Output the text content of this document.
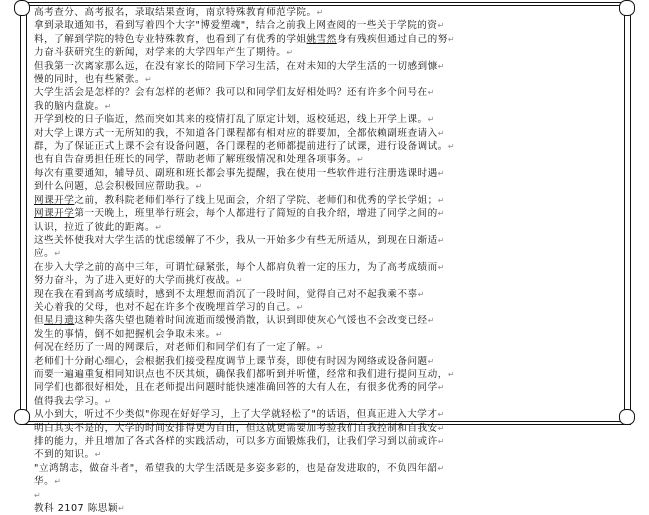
高考查分、高考报名，录取结果查询，南京特殊教育师范学院。↵
拿到录取通知书，看到写着四个大字"博爱塑魂"，结合之前我上网查阅的一些关于学院的资↵
料，了解到学院的特色专业特殊教育，也看到了有优秀的学姐姚雪然身有残疾但通过自己的努↵
力奋斗获研究生的新闻，对学来的大学四年产生了期待。↵
但我第一次离家那么远，在没有家长的陪同下学习生活，在对未知的大学生活的一切感到慷↵
慢的同时，也有些紧张。↵
大学生活会是怎样的？会有怎样的老师？我可以和同学们友好相处吗？还有许多个问号在↵
我的脑内盘旋。↵
开学到校的日子临近，然而突如其来的疫情打乱了原定计划，返校延迟，线上开学上课。↵
对大学上课方式一无所知的我，不知道各门课程都有相对应的群要加，全都依赖副班查请入↵
群，为了保证正式上课不会有设备问题，各门课程的老师都提前进行了试课，进行设备调试。↵
也有自告奋勇担任班长的同学，帮助老师了解班级情况和处理各项事务。↵
每次有重要通知，辅导员、副班和班长都会事先提醒，我在使用一些软件进行注册选课时遇↵
到什么问题，总会积极回应帮助我。↵
网课开学之前，教科院老师们举行了线上见面会，介绍了学院、老师们和优秀的学长学姐；↵
网课开学第一天晚上，班里举行班会，每个人都进行了简短的自我介绍，增进了同学之间的↵
认识，拉近了彼此的距离。↵
这些关怀使我对大学生活的忧虑缓解了不少，我从一开始多少有些无所适从，到现在日渐适↵
应。↵
在步入大学之前的高中三年，可谓忙碌紧张，每个人都肩负着一定的压力，为了高考成绩而↵
努力奋斗，为了进入更好的大学而挑灯夜战。↵
现在我在看到高考成绩时，感到不太理想而消沉了一段时间，觉得自己对不起我乘不辜↵
关心着我的父母，也对不起在许多个夜晚埋首学习的自己。↵
但星月遗这种失落失望也随着时间流逝而缓慢消散，认识到即使灰心气馁也不会改变已经↵
发生的事情，倒不如把握机会争取未来。↵
何况在经历了一周的网课后，对老师们和同学们有了一定了解。↵
老师们十分耐心细心，会根据我们接受程度调节上课节奏，即使有时因为网络或设备问题↵
而要一遍遍重复相同知识点也不厌其烦，确保我们都听到并听懂，经常和我们进行提问互动，↵
同学们也都很好相处，且在老师提出问题时能快速准确回答的大有人在，有很多优秀的同学↵
值得我去学习。↵
从小到大，听过不少类似"你现在好好学习，上了大学就轻松了"的话语，但真正进入大学才↵
明白其实不是的，大学的时间安排得更为自由，但这就更需要加考验我们自我控制和自我安↵
排的能力，并且增加了各式各样的实践活动，可以多方面锻炼我们，让我们学习到以前或许↵
不到的知识。↵
"立鸿鹄志，做奋斗者"，希望我的大学生活既是多姿多彩的，也是奋发进取的，不负四年韶↵
华。↵
↵
教科 2107 陈思颖↵
